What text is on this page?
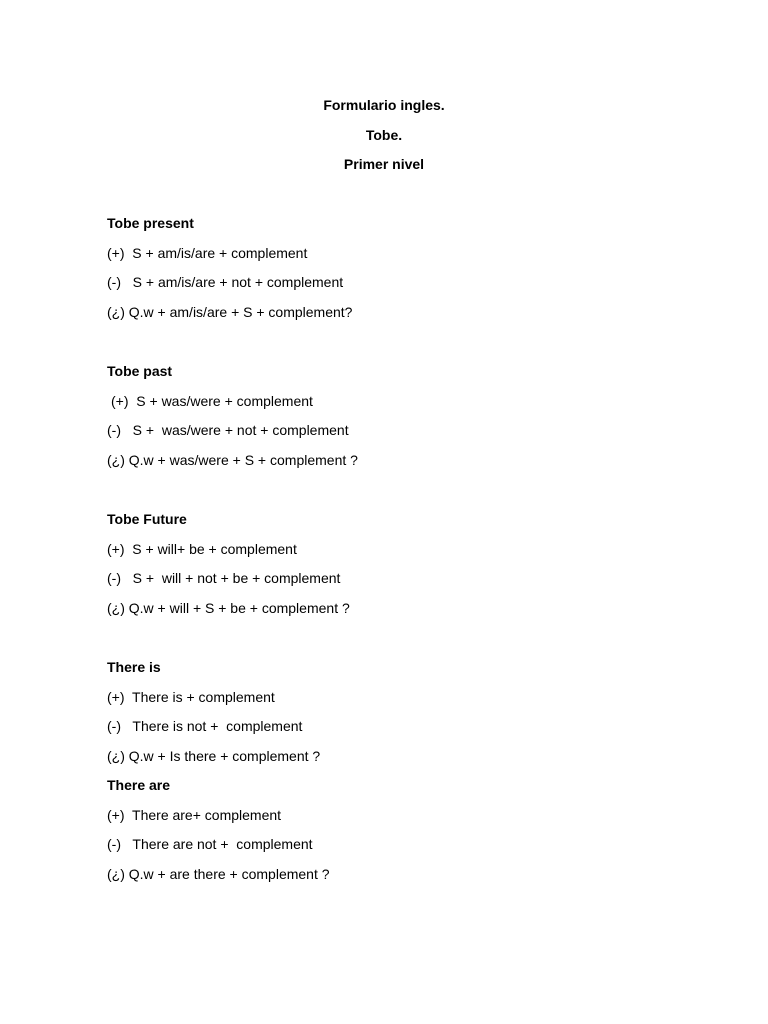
Formulario ingles.
Tobe.
Primer nivel
Tobe present
(+)  S + am/is/are + complement
(-)   S + am/is/are + not + complement
(¿) Q.w + am/is/are + S + complement?
Tobe past
(+)  S + was/were + complement
(-)   S +  was/were + not + complement
(¿) Q.w + was/were + S + complement ?
Tobe Future
(+)  S + will+ be + complement
(-)   S +  will + not + be + complement
(¿) Q.w + will + S + be + complement ?
There is
(+)  There is + complement
(-)   There is not +  complement
(¿) Q.w + Is there + complement ?
There are
(+)  There are+ complement
(-)   There are not +  complement
(¿) Q.w + are there + complement ?
